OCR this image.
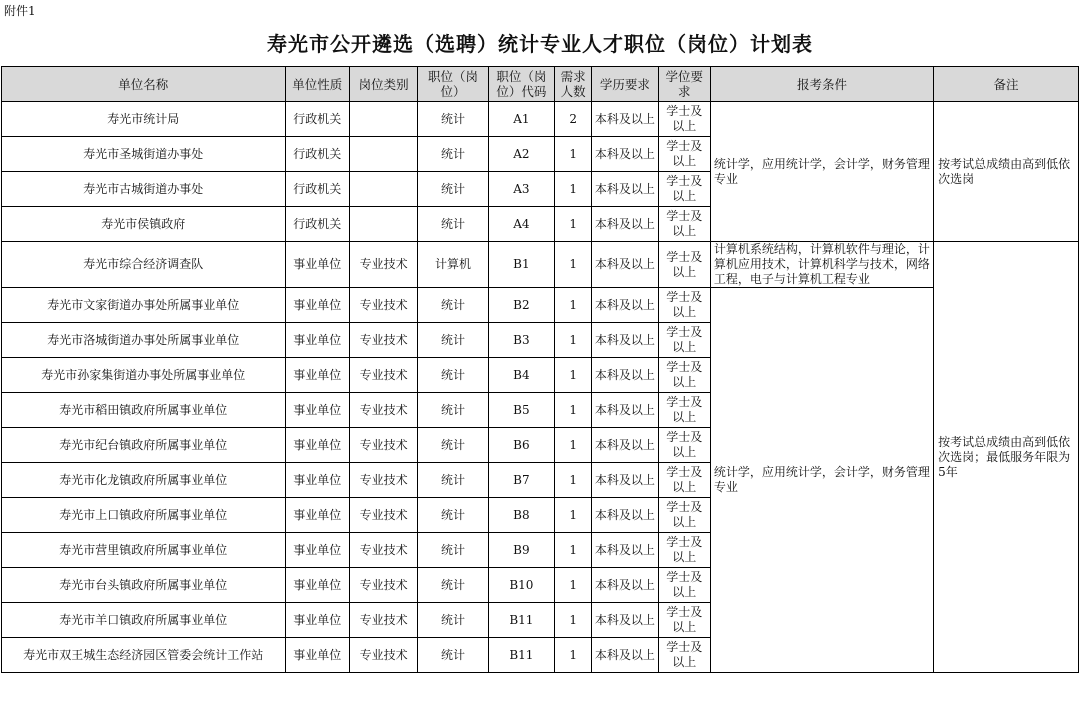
附件1
寿光市公开遴选（选聘）统计专业人才职位（岗位）计划表
单位名称	单位性质	岗位类别	职位（岗位）	职位（岗位）代码	需求人数	学历要求	学位要求	报考条件	备注
寿光市统计局	行政机关		统计	A1	2	本科及以上	学士及以上	统计学，应用统计学，会计学，财务管理专业	按考试总成绩由高到低依次选岗
寿光市圣城街道办事处	行政机关		统计	A2	1	本科及以上	学士及以上		
寿光市古城街道办事处	行政机关		统计	A3	1	本科及以上	学士及以上		
寿光市侯镇政府	行政机关		统计	A4	1	本科及以上	学士及以上		
寿光市综合经济调查队	事业单位	专业技术	计算机	B1	1	本科及以上	学士及以上	计算机系统结构，计算机软件与理论，计算机应用技术，计算机科学与技术，网络工程，电子与计算机工程专业	按考试总成绩由高到低依次选岗；最低服务年限为5年
寿光市文家街道办事处所属事业单位	事业单位	专业技术	统计	B2	1	本科及以上	学士及以上	统计学，应用统计学，会计学，财务管理专业	
寿光市洛城街道办事处所属事业单位	事业单位	专业技术	统计	B3	1	本科及以上	学士及以上		
寿光市孙家集街道办事处所属事业单位	事业单位	专业技术	统计	B4	1	本科及以上	学士及以上		
寿光市稻田镇政府所属事业单位	事业单位	专业技术	统计	B5	1	本科及以上	学士及以上		
寿光市纪台镇政府所属事业单位	事业单位	专业技术	统计	B6	1	本科及以上	学士及以上		
寿光市化龙镇政府所属事业单位	事业单位	专业技术	统计	B7	1	本科及以上	学士及以上		
寿光市上口镇政府所属事业单位	事业单位	专业技术	统计	B8	1	本科及以上	学士及以上		
寿光市营里镇政府所属事业单位	事业单位	专业技术	统计	B9	1	本科及以上	学士及以上		
寿光市台头镇政府所属事业单位	事业单位	专业技术	统计	B10	1	本科及以上	学士及以上		
寿光市羊口镇政府所属事业单位	事业单位	专业技术	统计	B11	1	本科及以上	学士及以上		
寿光市双王城生态经济园区管委会统计工作站	事业单位	专业技术	统计	B11	1	本科及以上	学士及以上		
